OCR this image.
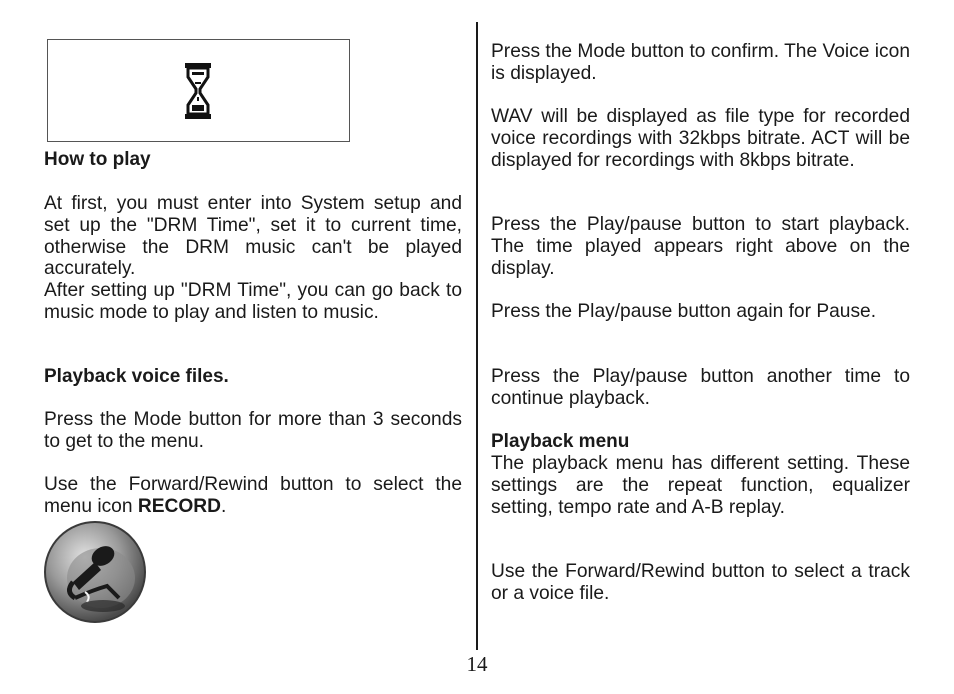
How to play

At first, you must enter into System setup and set up the "DRM Time", set it to current time, otherwise the DRM music can't be played accurately.

After setting up "DRM Time", you can go back to music mode to play and listen to music.

Playback voice files.

Press the Mode button for more than 3 seconds to get to the menu.

Use the Forward/Rewind button to select the menu icon RECORD.

Press the Mode button to confirm. The Voice icon is displayed.

WAV will be displayed as file type for recorded voice recordings with 32kbps bitrate. ACT will be displayed for recordings with 8kbps bitrate.

Press the Play/pause button to start playback. The time played appears right above on the display.

Press the Play/pause button again for Pause.

Press the Play/pause button another time to continue playback.

Playback menu

The playback menu has different setting. These settings are the repeat function, equalizer setting, tempo rate and A-B replay.

Use the Forward/Rewind button to select a track or a voice file.

14
